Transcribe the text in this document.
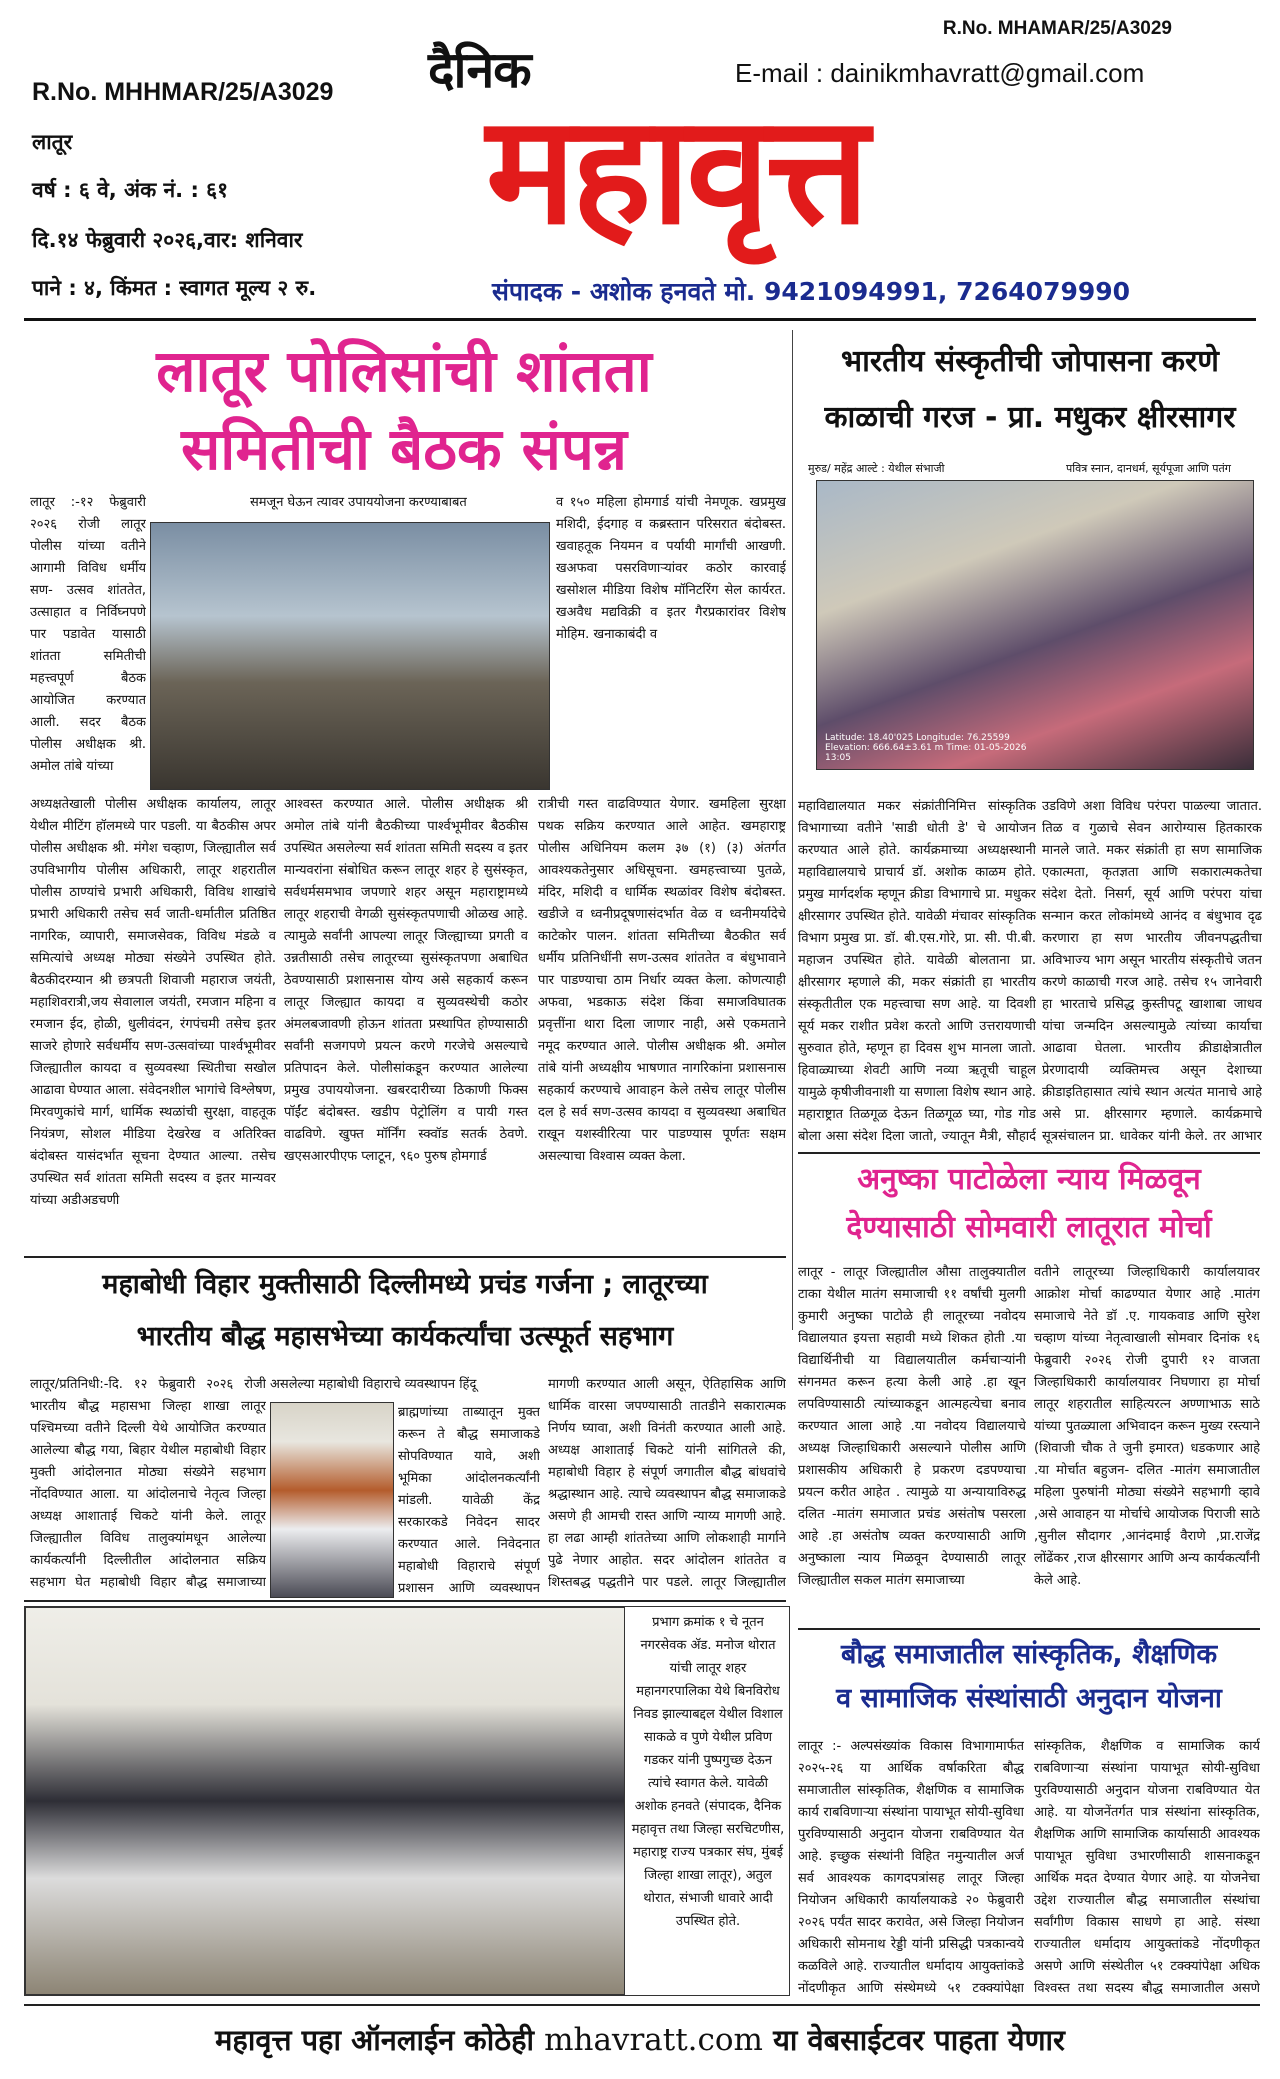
R.No. MHAMAR/25/A3029
R.No. MHHMAR/25/A3029
लातूर
वर्ष : ६ वे, अंक नं. : ६१
दि.१४ फेब्रुवारी २०२६,वार: शनिवार
पाने : ४, किंमत : स्वागत मूल्य २ रु.
दैनिक	E-mail : dainikmhavratt@gmail.com
महावृत्त
संपादक - अशोक हनवते मो. 9421094991, 7264079990
लातूर पोलिसांची शांतता
समितीची बैठक संपन्न
लातूर :-१२ फेब्रुवारी २०२६ रोजी लातूर पोलीस यांच्या वतीने आगामी विविध धर्मीय सण- उत्सव शांततेत, उत्साहात व निर्विघ्नपणे पार पडावेत यासाठी शांतता समितीची महत्त्वपूर्ण बैठक आयोजित करण्यात आली. सदर बैठक पोलीस अधीक्षक श्री. अमोल तांबे यांच्या
अध्यक्षतेखाली पोलीस अधीक्षक कार्यालय, लातूर येथील मीटिंग हॉलमध्ये पार पडली. या बैठकीस अपर पोलीस अधीक्षक श्री. मंगेश चव्हाण, जिल्ह्यातील सर्व उपविभागीय पोलीस अधिकारी, लातूर शहरातील पोलीस ठाण्यांचे प्रभारी अधिकारी, विविध शाखांचे प्रभारी अधिकारी तसेच सर्व जाती-धर्मातील प्रतिष्ठित नागरिक, व्यापारी, समाजसेवक, विविध मंडळे व समित्यांचे अध्यक्ष मोठ्या संख्येने उपस्थित होते. बैठकीदरम्यान श्री छत्रपती शिवाजी महाराज जयंती, महाशिवरात्री,जय सेवालाल जयंती, रमजान महिना व रमजान ईद, होळी, धुलीवंदन, रंगपंचमी तसेच इतर साजरे होणारे सर्वधर्मीय सण-उत्सवांच्या पार्श्वभूमीवर जिल्ह्यातील कायदा व सुव्यवस्था स्थितीचा सखोल आढावा घेण्यात आला. संवेदनशील भागांचे विश्लेषण, मिरवणुकांचे मार्ग, धार्मिक स्थळांची सुरक्षा, वाहतूक नियंत्रण, सोशल मीडिया देखरेख व अतिरिक्त बंदोबस्त यासंदर्भात सूचना देण्यात आल्या. तसेच उपस्थित सर्व शांतता समिती सदस्य व इतर मान्यवर यांच्या अडीअडचणी
समजून घेऊन त्यावर उपाययोजना करण्याबाबत
आश्वस्त करण्यात आले. पोलीस अधीक्षक श्री अमोल तांबे यांनी बैठकीच्या पार्श्वभूमीवर बैठकीस उपस्थित असलेल्या सर्व शांतता समिती सदस्य व इतर मान्यवरांना संबोधित करून लातूर शहर हे सुसंस्कृत, सर्वधर्मसमभाव जपणारे शहर असून महाराष्ट्रामध्ये लातूर शहराची वेगळी सुसंस्कृतपणाची ओळख आहे. त्यामुळे सर्वांनी आपल्या लातूर जिल्ह्याच्या प्रगती व उन्नतीसाठी तसेच लातूरच्या सुसंस्कृतपणा अबाधित ठेवण्यासाठी प्रशासनास योग्य असे सहकार्य करून लातूर जिल्ह्यात कायदा व सुव्यवस्थेची कठोर अंमलबजावणी होऊन शांतता प्रस्थापित होण्यासाठी सर्वांनी सजगपणे प्रयत्न करणे गरजेचे असल्याचे प्रतिपादन केले. पोलीसांकडून करण्यात आलेल्या प्रमुख उपाययोजना. खबरदारीच्या ठिकाणी फिक्स पॉईंट बंदोबस्त. खडीप पेट्रोलिंग व पायी गस्त वाढविणे. खुफ्त मॉर्निंग स्क्वॉड सतर्क ठेवणे. खएसआरपीएफ प्लाटून, ९६० पुरुष होमगार्ड
व १५० महिला होमगार्ड यांची नेमणूक. खप्रमुख मशिदी, ईदगाह व कब्रस्तान परिसरात बंदोबस्त. खवाहतूक नियमन व पर्यायी मार्गांची आखणी. खअफवा पसरविणाऱ्यांवर कठोर कारवाई खसोशल मीडिया विशेष मॉनिटरिंग सेल कार्यरत. खअवैध मद्यविक्री व इतर गैरप्रकारांवर विशेष मोहिम. खनाकाबंदी व
रात्रीची गस्त वाढविण्यात येणार. खमहिला सुरक्षा पथक सक्रिय करण्यात आले आहेत. खमहाराष्ट्र पोलीस अधिनियम कलम ३७ (१) (३) अंतर्गत आवश्यकतेनुसार अधिसूचना. खमहत्त्वाच्या पुतळे, मंदिर, मशिदी व धार्मिक स्थळांवर विशेष बंदोबस्त. खडीजे व ध्वनीप्रदूषणासंदर्भात वेळ व ध्वनीमर्यादेचे काटेकोर पालन. शांतता समितीच्या बैठकीत सर्व धर्मीय प्रतिनिधींनी सण-उत्सव शांततेत व बंधुभावाने पार पाडण्याचा ठाम निर्धार व्यक्त केला. कोणत्याही अफवा, भडकाऊ संदेश किंवा समाजविघातक प्रवृत्तींना थारा दिला जाणार नाही, असे एकमताने नमूद करण्यात आले. पोलीस अधीक्षक श्री. अमोल तांबे यांनी अध्यक्षीय भाषणात नागरिकांना प्रशासनास सहकार्य करण्याचे आवाहन केले तसेच लातूर पोलीस दल हे सर्व सण-उत्सव कायदा व सुव्यवस्था अबाधित राखून यशस्वीरित्या पार पाडण्यास पूर्णतः सक्षम असल्याचा विश्वास व्यक्त केला.
भारतीय संस्कृतीची जोपासना करणे
काळाची गरज - प्रा. मधुकर क्षीरसागर
मुरुड/ महेंद्र आल्टे : येथील संभाजी	पवित्र स्नान, दानधर्म, सूर्यपूजा आणि पतंग
Latitude: 18.40'025 Longitude: 76.25599 Elevation: 666.64±3.61 m Time: 01-05-2026 13:05
महाविद्यालयात मकर संक्रांतीनिमित्त सांस्कृतिक विभागाच्या वतीने 'साडी धोती डे' चे आयोजन करण्यात आले होते. कार्यक्रमाच्या अध्यक्षस्थानी महाविद्यालयाचे प्राचार्य डॉ. अशोक काळम होते. प्रमुख मार्गदर्शक म्हणून क्रीडा विभागाचे प्रा. मधुकर क्षीरसागर उपस्थित होते. यावेळी मंचावर सांस्कृतिक विभाग प्रमुख प्रा. डॉ. बी.एस.गोरे, प्रा. सी. पी.बी. महाजन उपस्थित होते. यावेळी बोलताना प्रा. क्षीरसागर म्हणाले की, मकर संक्रांती हा भारतीय संस्कृतीतील एक महत्त्वाचा सण आहे. या दिवशी सूर्य मकर राशीत प्रवेश करतो आणि उत्तरायणाची सुरुवात होते, म्हणून हा दिवस शुभ मानला जातो. हिवाळ्याच्या शेवटी आणि नव्या ऋतूची चाहूल यामुळे कृषीजीवनाशी या सणाला विशेष स्थान आहे. महाराष्ट्रात तिळगूळ देऊन तिळगूळ घ्या, गोड गोड बोला असा संदेश दिला जातो, ज्यातून मैत्री, सौहार्द
उडविणे अशा विविध परंपरा पाळल्या जातात. तिळ व गुळाचे सेवन आरोग्यास हितकारक मानले जाते. मकर संक्रांती हा सण सामाजिक एकात्मता, कृतज्ञता आणि सकारात्मकतेचा संदेश देतो. निसर्ग, सूर्य आणि परंपरा यांचा सन्मान करत लोकांमध्ये आनंद व बंधुभाव दृढ करणारा हा सण भारतीय जीवनपद्धतीचा अविभाज्य भाग असून भारतीय संस्कृतीचे जतन करणे काळाची गरज आहे. तसेच १५ जानेवारी हा भारताचे प्रसिद्ध कुस्तीपटू खाशाबा जाधव यांचा जन्मदिन असल्यामुळे त्यांच्या कार्याचा आढावा घेतला. भारतीय क्रीडाक्षेत्रातील प्रेरणादायी व्यक्तिमत्त्व असून देशाच्या क्रीडाइतिहासात त्यांचे स्थान अत्यंत मानाचे आहे असे प्रा. क्षीरसागर म्हणाले. कार्यक्रमाचे सूत्रसंचालन प्रा. धावेकर यांनी केले. तर आभार
अनुष्का पाटोळेला न्याय मिळवून
देण्यासाठी सोमवारी लातूरात मोर्चा
लातूर - लातूर जिल्ह्यातील औसा तालुक्यातील टाका येथील मातंग समाजाची ११ वर्षांची मुलगी कुमारी अनुष्का पाटोळे ही लातूरच्या नवोदय विद्यालयात इयत्ता सहावी मध्ये शिकत होती .या विद्यार्थिनीची या विद्यालयातील कर्मचाऱ्यांनी संगनमत करून हत्या केली आहे .हा खून लपविण्यासाठी त्यांच्याकडून आत्महत्येचा बनाव करण्यात आला आहे .या नवोदय विद्यालयाचे अध्यक्ष जिल्हाधिकारी असल्याने पोलीस आणि प्रशासकीय अधिकारी हे प्रकरण दडपण्याचा प्रयत्न करीत आहेत . त्यामुळे या अन्यायाविरुद्ध दलित -मातंग समाजात प्रचंड असंतोष पसरला आहे .हा असंतोष व्यक्त करण्यासाठी आणि अनुष्काला न्याय मिळवून देण्यासाठी लातूर जिल्ह्यातील सकल मातंग समाजाच्या
वतीने लातूरच्या जिल्हाधिकारी कार्यालयावर आक्रोश मोर्चा काढण्यात येणार आहे .मातंग समाजाचे नेते डॉ .ए. गायकवाड आणि सुरेश चव्हाण यांच्या नेतृत्वाखाली सोमवार दिनांक १६ फेब्रुवारी २०२६ रोजी दुपारी १२ वाजता जिल्हाधिकारी कार्यालयावर निघणारा हा मोर्चा लातूर शहरातील साहित्यरत्न अण्णाभाऊ साठे यांच्या पुतळ्याला अभिवादन करून मुख्य रस्त्याने (शिवाजी चौक ते जुनी इमारत) धडकणार आहे .या मोर्चात बहुजन- दलित -मातंग समाजातील महिला पुरुषांनी मोठ्या संख्येने सहभागी व्हावे ,असे आवाहन या मोर्चाचे आयोजक पिराजी साठे ,सुनील सौदागर ,आनंदमाई वैराणे ,प्रा.राजेंद्र लोंढेंकर ,राज क्षीरसागर आणि अन्य कार्यकर्त्यांनी केले आहे.
महाबोधी विहार मुक्तीसाठी दिल्लीमध्ये प्रचंड गर्जना ; लातूरच्या
भारतीय बौद्ध महासभेच्या कार्यकर्त्यांचा उत्स्फूर्त सहभाग
लातूर/प्रतिनिधी:-दि. १२ फेब्रुवारी २०२६ रोजी भारतीय बौद्ध महासभा जिल्हा शाखा लातूर पश्चिमच्या वतीने दिल्ली येथे आयोजित करण्यात आलेल्या बौद्ध गया, बिहार येथील महाबोधी विहार मुक्ती आंदोलनात मोठ्या संख्येने सहभाग नोंदविण्यात आला. या आंदोलनाचे नेतृत्व जिल्हा अध्यक्ष आशाताई चिकटे यांनी केले. लातूर जिल्ह्यातील विविध तालुक्यांमधून आलेल्या कार्यकर्त्यांनी दिल्लीतील आंदोलनात सक्रिय सहभाग घेत महाबोधी विहार बौद्ध समाजाच्या
असलेल्या महाबोधी विहाराचे व्यवस्थापन हिंदू
ब्राह्मणांच्या ताब्यातून मुक्त करून ते बौद्ध समाजाकडे सोपविण्यात यावे, अशी भूमिका आंदोलनकर्त्यांनी मांडली. यावेळी केंद्र सरकारकडे निवेदन सादर करण्यात आले. निवेदनात महाबोधी विहाराचे संपूर्ण प्रशासन आणि व्यवस्थापन
मागणी करण्यात आली असून, ऐतिहासिक आणि धार्मिक वारसा जपण्यासाठी तातडीने सकारात्मक निर्णय घ्यावा, अशी विनंती करण्यात आली आहे. अध्यक्ष आशाताई चिकटे यांनी सांगितले की, महाबोधी विहार हे संपूर्ण जगातील बौद्ध बांधवांचे श्रद्धास्थान आहे. त्याचे व्यवस्थापन बौद्ध समाजाकडे असणे ही आमची रास्त आणि न्याय्य मागणी आहे. हा लढा आम्ही शांततेच्या आणि लोकशाही मार्गाने पुढे नेणार आहोत. सदर आंदोलन शांततेत व शिस्तबद्ध पद्धतीने पार पडले. लातूर जिल्ह्यातील
प्रभाग क्रमांक १ चे नूतन नगरसेवक ॲड. मनोज थोरात यांची लातूर शहर महानगरपालिका येथे बिनविरोध निवड झाल्याबद्दल येथील विशाल साकळे व पुणे येथील प्रविण गडकर यांनी पुष्पगुच्छ देऊन त्यांचे स्वागत केले. यावेळी अशोक हनवते (संपादक, दैनिक महावृत्त तथा जिल्हा सरचिटणीस, महाराष्ट्र राज्य पत्रकार संघ, मुंबई जिल्हा शाखा लातूर), अतुल थोरात, संभाजी धावारे आदी उपस्थित होते.
बौद्ध समाजातील सांस्कृतिक, शैक्षणिक
व सामाजिक संस्थांसाठी अनुदान योजना
लातूर :- अल्पसंख्यांक विकास विभागामार्फत २०२५-२६ या आर्थिक वर्षाकरिता बौद्ध समाजातील सांस्कृतिक, शैक्षणिक व सामाजिक कार्य राबविणाऱ्या संस्थांना पायाभूत सोयी-सुविधा पुरविण्यासाठी अनुदान योजना राबविण्यात येत आहे. इच्छुक संस्थांनी विहित नमुन्यातील अर्ज सर्व आवश्यक कागदपत्रांसह लातूर जिल्हा नियोजन अधिकारी कार्यालयाकडे २० फेब्रुवारी २०२६ पर्यंत सादर करावेत, असे जिल्हा नियोजन अधिकारी सोमनाथ रेड्डी यांनी प्रसिद्धी पत्रकान्वये कळविले आहे. राज्यातील धर्मादाय आयुक्तांकडे नोंदणीकृत आणि संस्थेमध्ये ५१ टक्क्यांपेक्षा
सांस्कृतिक, शैक्षणिक व सामाजिक कार्य राबविणाऱ्या संस्थांना पायाभूत सोयी-सुविधा पुरविण्यासाठी अनुदान योजना राबविण्यात येत आहे. या योजनेंतर्गत पात्र संस्थांना सांस्कृतिक, शैक्षणिक आणि सामाजिक कार्यासाठी आवश्यक पायाभूत सुविधा उभारणीसाठी शासनाकडून आर्थिक मदत देण्यात येणार आहे. या योजनेचा उद्देश राज्यातील बौद्ध समाजातील संस्थांचा सर्वांगीण विकास साधणे हा आहे. संस्था राज्यातील धर्मादाय आयुक्तांकडे नोंदणीकृत असणे आणि संस्थेतील ५१ टक्क्यांपेक्षा अधिक विश्वस्त तथा सदस्य बौद्ध समाजातील असणे
महावृत्त पहा ऑनलाईन कोठेही mhavratt.com या वेबसाईटवर पाहता येणार
